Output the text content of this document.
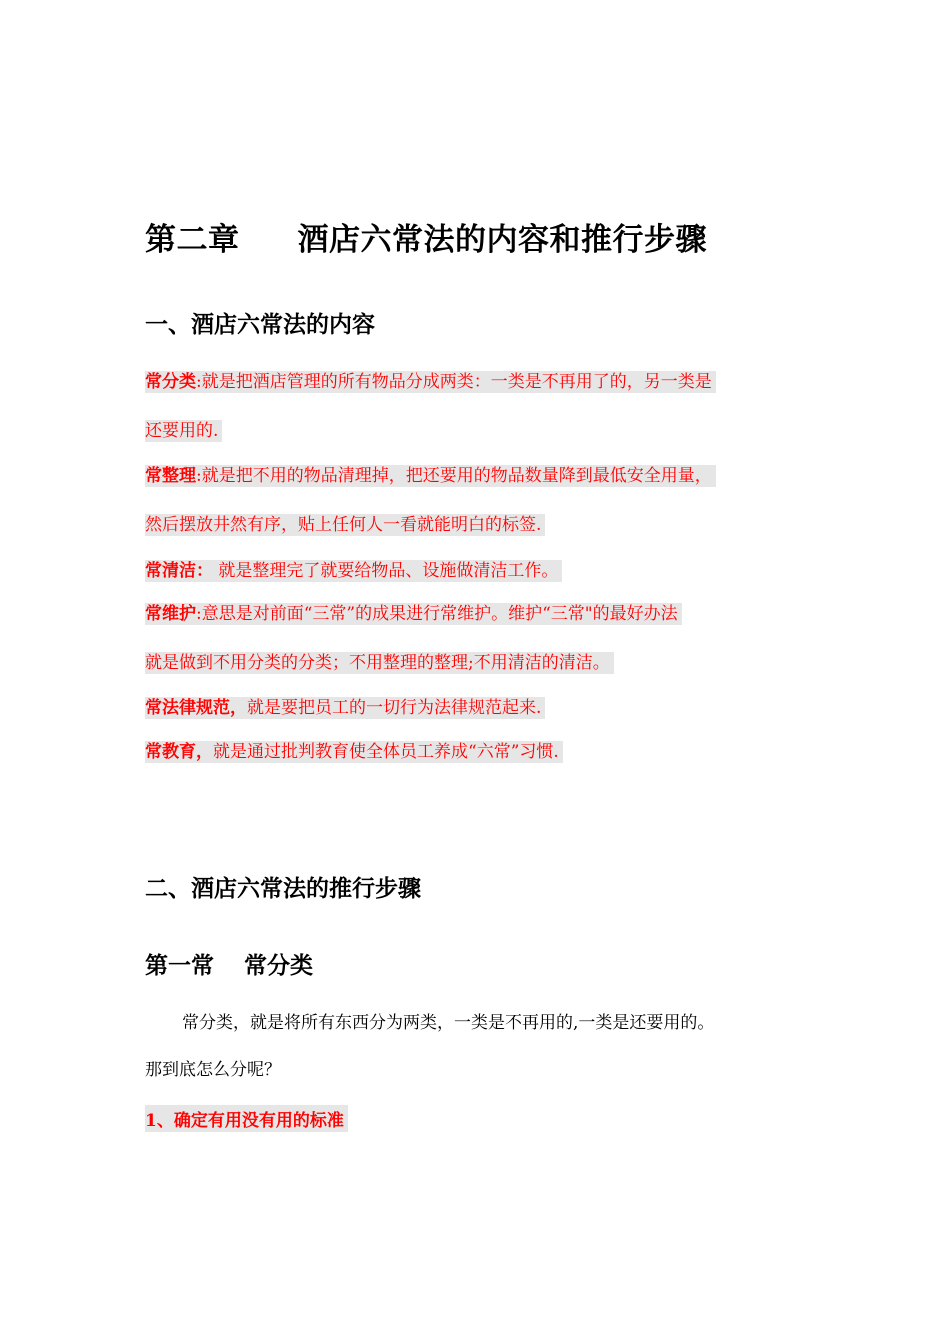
第二章 酒店六常法的内容和推行步骤
一、酒店六常法的内容
常分类:就是把酒店管理的所有物品分成两类：一类是不再用了的，另一类是
还要用的.
常整理:就是把不用的物品清理掉，把还要用的物品数量降到最低安全用量，
然后摆放井然有序，贴上任何人一看就能明白的标签.
常清洁： 就是整理完了就要给物品、设施做清洁工作。
常维护:意思是对前面“三常”的成果进行常维护。维护“三常"的最好办法
就是做到不用分类的分类；不用整理的整理;不用清洁的清洁。
常法律规范，就是要把员工的一切行为法律规范起来.
常教育，就是通过批判教育使全体员工养成“六常”习惯.
二、酒店六常法的推行步骤
第一常 常分类
常分类，就是将所有东西分为两类，一类是不再用的,一类是还要用的。
那到底怎么分呢？
1、确定有用没有用的标准
